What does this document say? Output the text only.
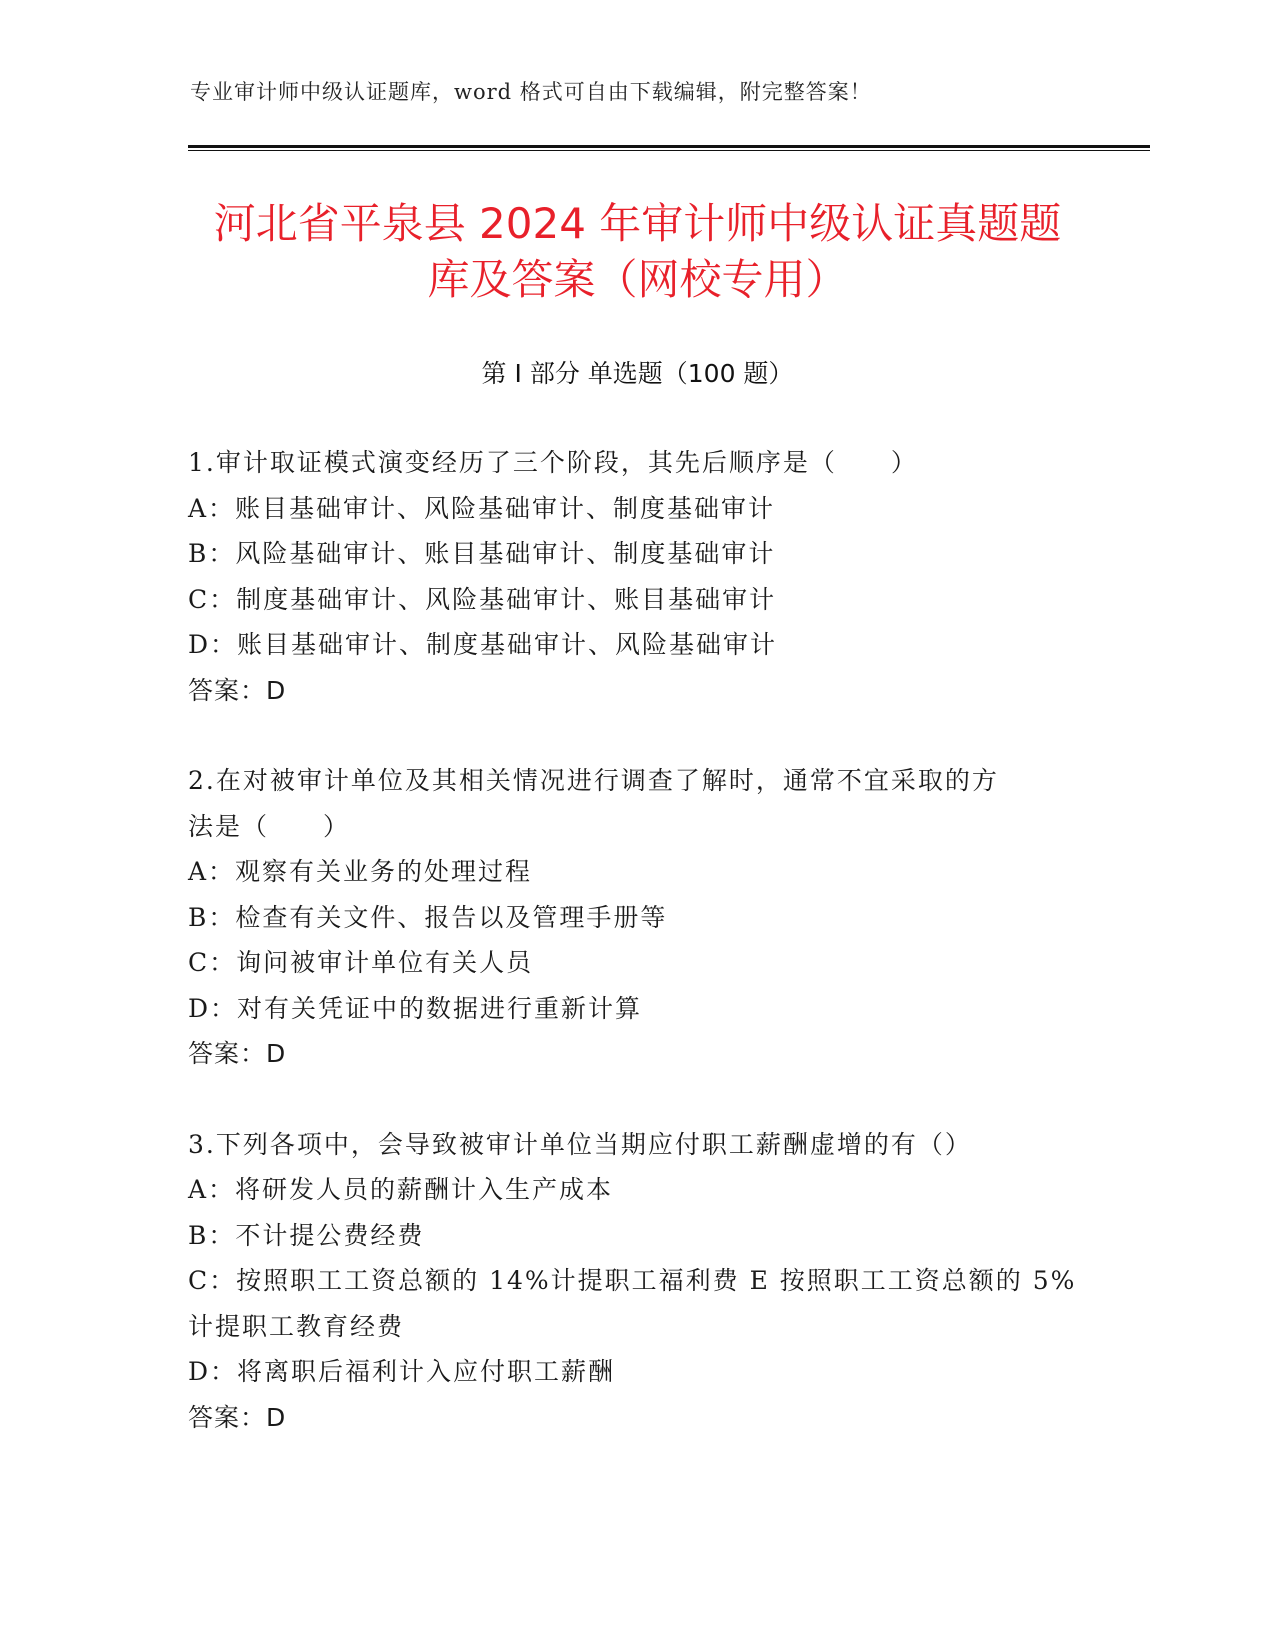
专业审计师中级认证题库，word 格式可自由下载编辑，附完整答案！
河北省平泉县 2024 年审计师中级认证真题题
库及答案（网校专用）
第 I 部分 单选题（100 题）
1.审计取证模式演变经历了三个阶段，其先后顺序是（　　）
A：账目基础审计、风险基础审计、制度基础审计
B：风险基础审计、账目基础审计、制度基础审计
C：制度基础审计、风险基础审计、账目基础审计
D：账目基础审计、制度基础审计、风险基础审计
答案：D
2.在对被审计单位及其相关情况进行调查了解时，通常不宜采取的方
法是（　　）
A：观察有关业务的处理过程
B：检查有关文件、报告以及管理手册等
C：询问被审计单位有关人员
D：对有关凭证中的数据进行重新计算
答案：D
3.下列各项中，会导致被审计单位当期应付职工薪酬虚增的有（）
A：将研发人员的薪酬计入生产成本
B：不计提公费经费
C：按照职工工资总额的 14%计提职工福利费 E 按照职工工资总额的 5%
计提职工教育经费
D：将离职后福利计入应付职工薪酬
答案：D
